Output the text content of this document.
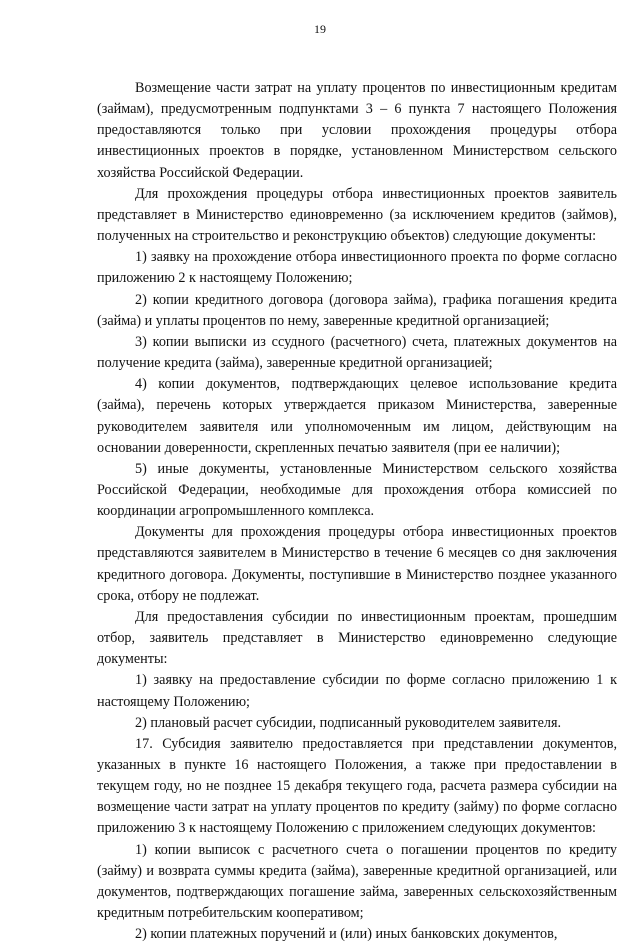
19

Возмещение части затрат на уплату процентов по инвестиционным кредитам (займам), предусмотренным подпунктами 3 – 6 пункта 7 настоящего Положения предоставляются только при условии прохождения процедуры отбора инвестиционных проектов в порядке, установленном Министерством сельского хозяйства Российской Федерации.

Для прохождения процедуры отбора инвестиционных проектов заявитель представляет в Министерство единовременно (за исключением кредитов (займов), полученных на строительство и реконструкцию объектов) следующие документы:

1) заявку на прохождение отбора инвестиционного проекта по форме согласно приложению 2 к настоящему Положению;

2) копии кредитного договора (договора займа), графика погашения кредита (займа) и уплаты процентов по нему, заверенные кредитной организацией;

3) копии выписки из ссудного (расчетного) счета, платежных документов на получение кредита (займа), заверенные кредитной организацией;

4) копии документов, подтверждающих целевое использование кредита (займа), перечень которых утверждается приказом Министерства, заверенные руководителем заявителя или уполномоченным им лицом, действующим на основании доверенности, скрепленных печатью заявителя (при ее наличии);

5) иные документы, установленные Министерством сельского хозяйства Российской Федерации, необходимые для прохождения отбора комиссией по координации агропромышленного комплекса.

Документы для прохождения процедуры отбора инвестиционных проектов представляются заявителем в Министерство в течение 6 месяцев со дня заключения кредитного договора. Документы, поступившие в Министерство позднее указанного срока, отбору не подлежат.

Для предоставления субсидии по инвестиционным проектам, прошедшим отбор, заявитель представляет в Министерство единовременно следующие документы:

1) заявку на предоставление субсидии по форме согласно приложению 1 к настоящему Положению;

2) плановый расчет субсидии, подписанный руководителем заявителя.

17. Субсидия заявителю предоставляется при представлении документов, указанных в пункте 16 настоящего Положения, а также при предоставлении в текущем году, но не позднее 15 декабря текущего года, расчета размера субсидии на возмещение части затрат на уплату процентов по кредиту (займу) по форме согласно приложению 3 к настоящему Положению с приложением следующих документов:

1) копии выписок с расчетного счета о погашении процентов по кредиту (займу) и возврата суммы кредита (займа), заверенные кредитной организацией, или документов, подтверждающих погашение займа, заверенных сельскохозяйственным кредитным потребительским кооперативом;

2) копии платежных поручений и (или) иных банковских документов,
